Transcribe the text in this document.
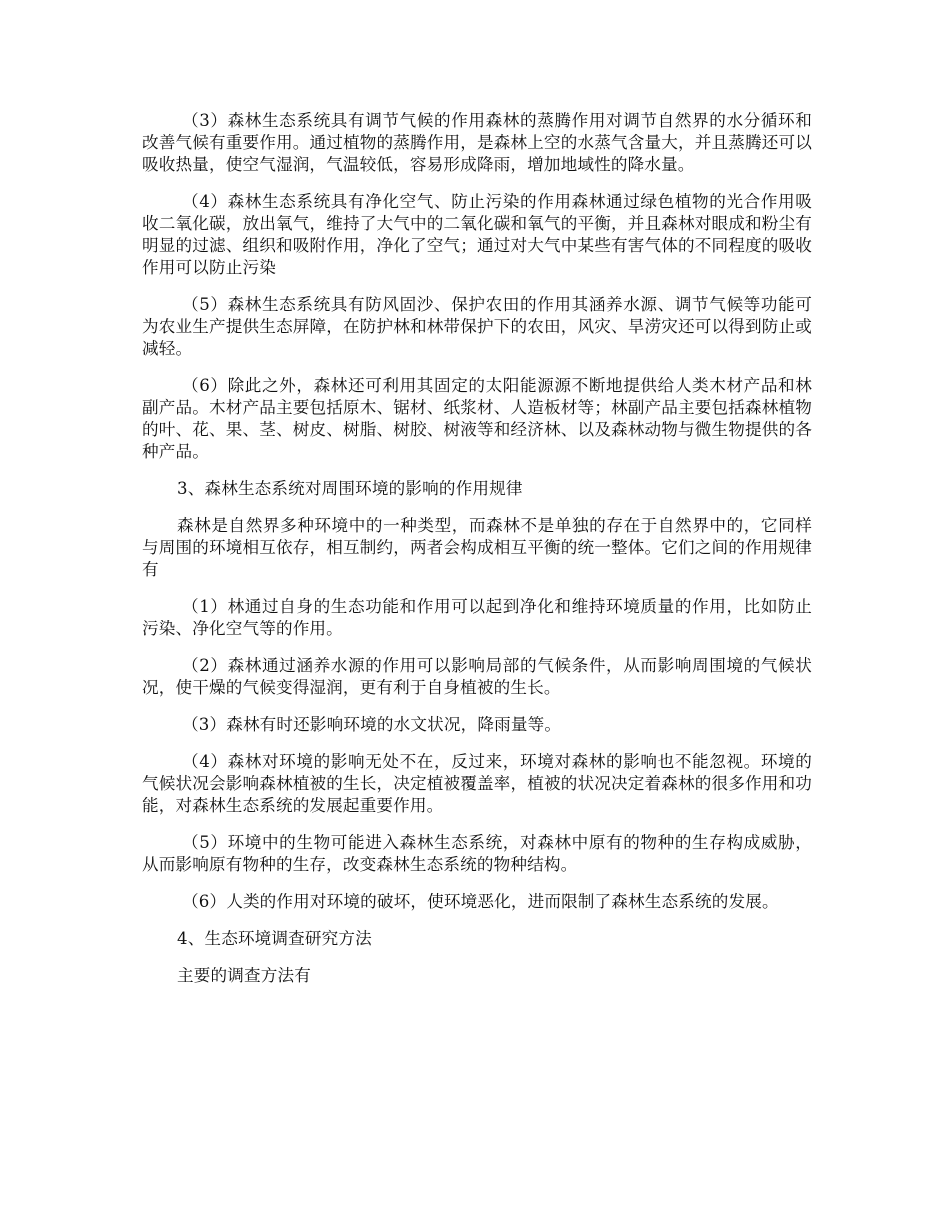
（3）森林生态系统具有调节气候的作用森林的蒸腾作用对调节自然界的水分循环和改善气候有重要作用。通过植物的蒸腾作用，是森林上空的水蒸气含量大，并且蒸腾还可以吸收热量，使空气湿润，气温较低，容易形成降雨，增加地域性的降水量。

（4）森林生态系统具有净化空气、防止污染的作用森林通过绿色植物的光合作用吸收二氧化碳，放出氧气，维持了大气中的二氧化碳和氧气的平衡，并且森林对眼成和粉尘有明显的过滤、组织和吸附作用，净化了空气；通过对大气中某些有害气体的不同程度的吸收作用可以防止污染

（5）森林生态系统具有防风固沙、保护农田的作用其涵养水源、调节气候等功能可为农业生产提供生态屏障，在防护林和林带保护下的农田，风灾、旱涝灾还可以得到防止或减轻。

（6）除此之外，森林还可利用其固定的太阳能源源不断地提供给人类木材产品和林副产品。木材产品主要包括原木、锯材、纸浆材、人造板材等；林副产品主要包括森林植物的叶、花、果、茎、树皮、树脂、树胶、树液等和经济林、以及森林动物与微生物提供的各种产品。

3、森林生态系统对周围环境的影响的作用规律

森林是自然界多种环境中的一种类型，而森林不是单独的存在于自然界中的，它同样与周围的环境相互依存，相互制约，两者会构成相互平衡的统一整体。它们之间的作用规律有

（1）林通过自身的生态功能和作用可以起到净化和维持环境质量的作用，比如防止污染、净化空气等的作用。

（2）森林通过涵养水源的作用可以影响局部的气候条件，从而影响周围境的气候状况，使干燥的气候变得湿润，更有利于自身植被的生长。

（3）森林有时还影响环境的水文状况，降雨量等。

（4）森林对环境的影响无处不在，反过来，环境对森林的影响也不能忽视。环境的气候状况会影响森林植被的生长，决定植被覆盖率，植被的状况决定着森林的很多作用和功能，对森林生态系统的发展起重要作用。

（5）环境中的生物可能进入森林生态系统，对森林中原有的物种的生存构成威胁，从而影响原有物种的生存，改变森林生态系统的物种结构。

（6）人类的作用对环境的破坏，使环境恶化，进而限制了森林生态系统的发展。

4、生态环境调查研究方法

主要的调查方法有
